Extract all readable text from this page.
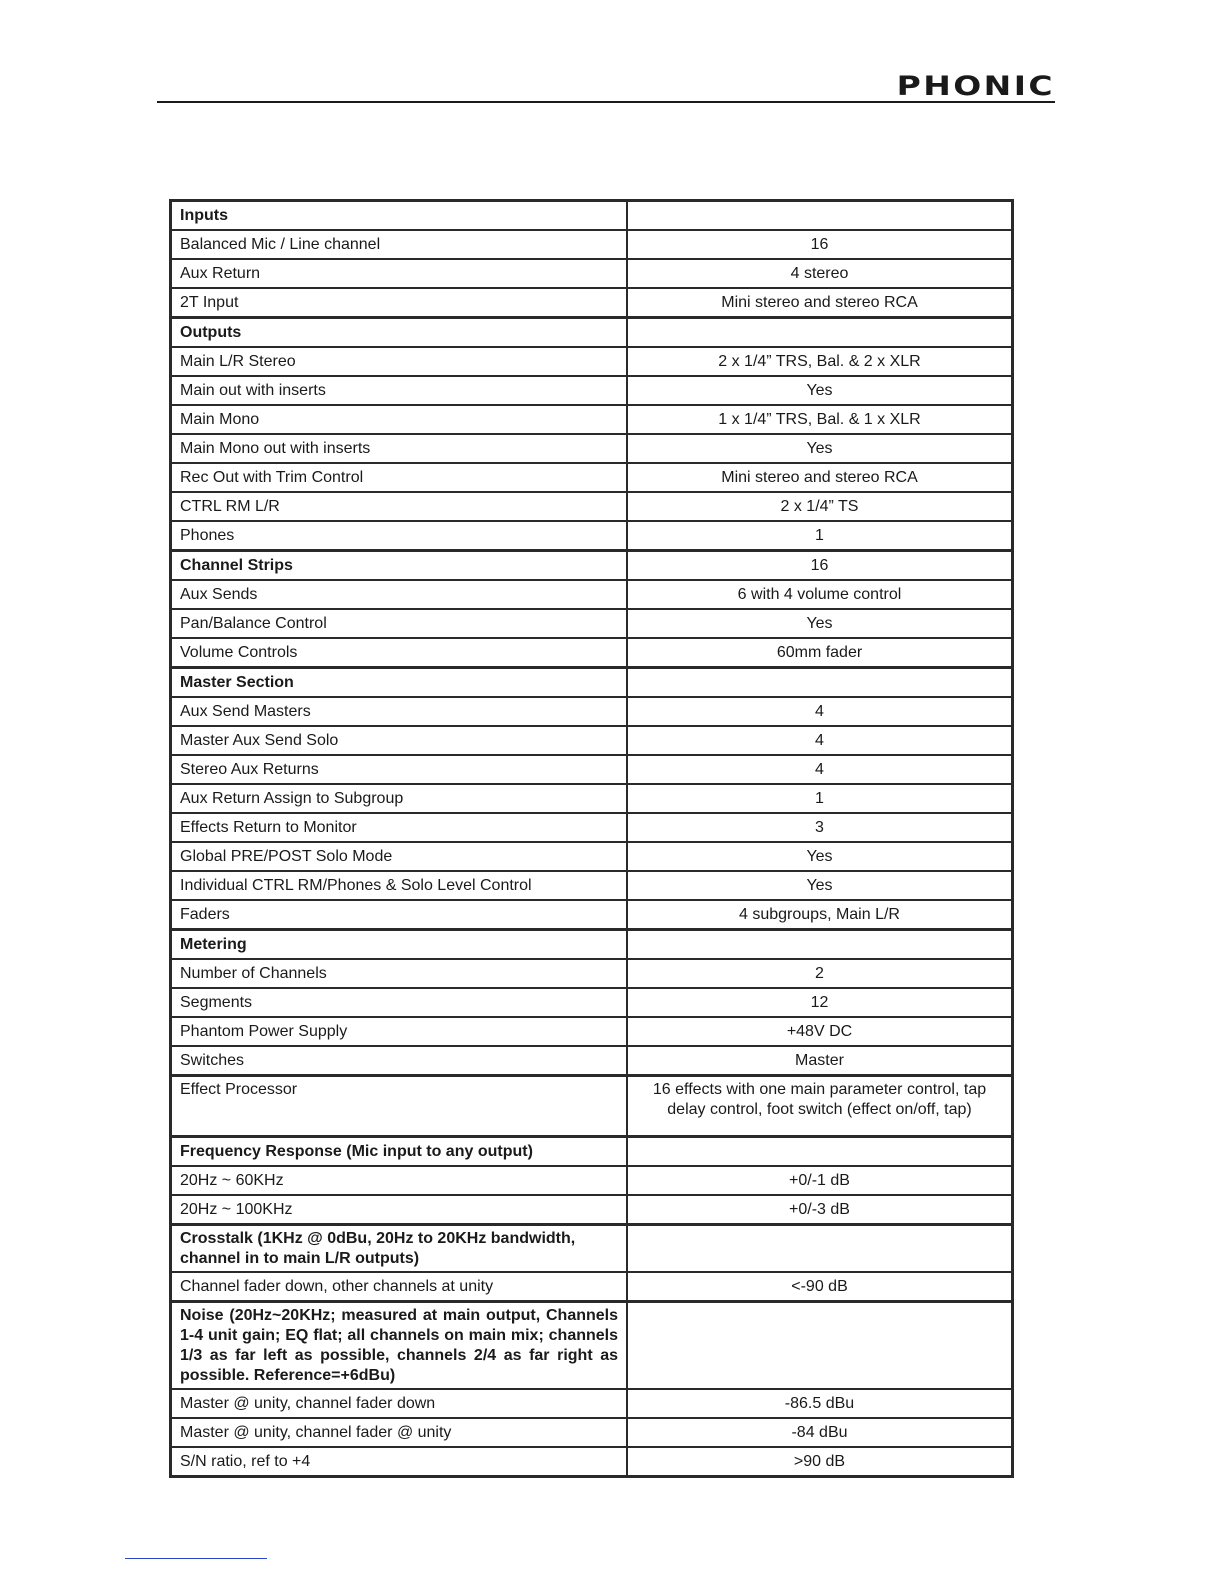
PHONIC
Inputs	
Balanced Mic / Line channel	16
Aux Return	4 stereo
2T Input	Mini stereo and stereo RCA
Outputs	
Main L/R Stereo	2 x 1/4” TRS, Bal. & 2 x XLR
Main out with inserts	Yes
Main Mono	1 x 1/4” TRS, Bal. & 1 x XLR
Main Mono out with inserts	Yes
Rec Out with Trim Control	Mini stereo and stereo RCA
CTRL RM L/R	2 x 1/4” TS
Phones	1
Channel Strips	16
Aux Sends	6 with 4 volume control
Pan/Balance Control	Yes
Volume Controls	60mm fader
Master Section	
Aux Send Masters	4
Master Aux Send Solo	4
Stereo Aux Returns	4
Aux Return Assign to Subgroup	1
Effects Return to Monitor	3
Global PRE/POST Solo Mode	Yes
Individual CTRL RM/Phones & Solo Level Control	Yes
Faders	4 subgroups, Main L/R
Metering	
Number of Channels	2
Segments	12
Phantom Power Supply	+48V DC
Switches	Master
Effect Processor	16 effects with one main parameter control, tap delay control, foot switch (effect on/off, tap)
Frequency Response (Mic input to any output)	
20Hz ~ 60KHz	+0/-1 dB
20Hz ~ 100KHz	+0/-3 dB
Crosstalk (1KHz @ 0dBu, 20Hz to 20KHz bandwidth, channel in to main L/R outputs)	
Channel fader down, other channels at unity	<-90 dB
Noise (20Hz~20KHz; measured at main output, Channels 1-4 unit gain; EQ flat; all channels on main mix; channels 1/3 as far left as possible, channels 2/4 as far right as possible. Reference=+6dBu)	
Master @ unity, channel fader down	-86.5 dBu
Master @ unity, channel fader @ unity	-84 dBu
S/N ratio, ref to +4	>90 dB
